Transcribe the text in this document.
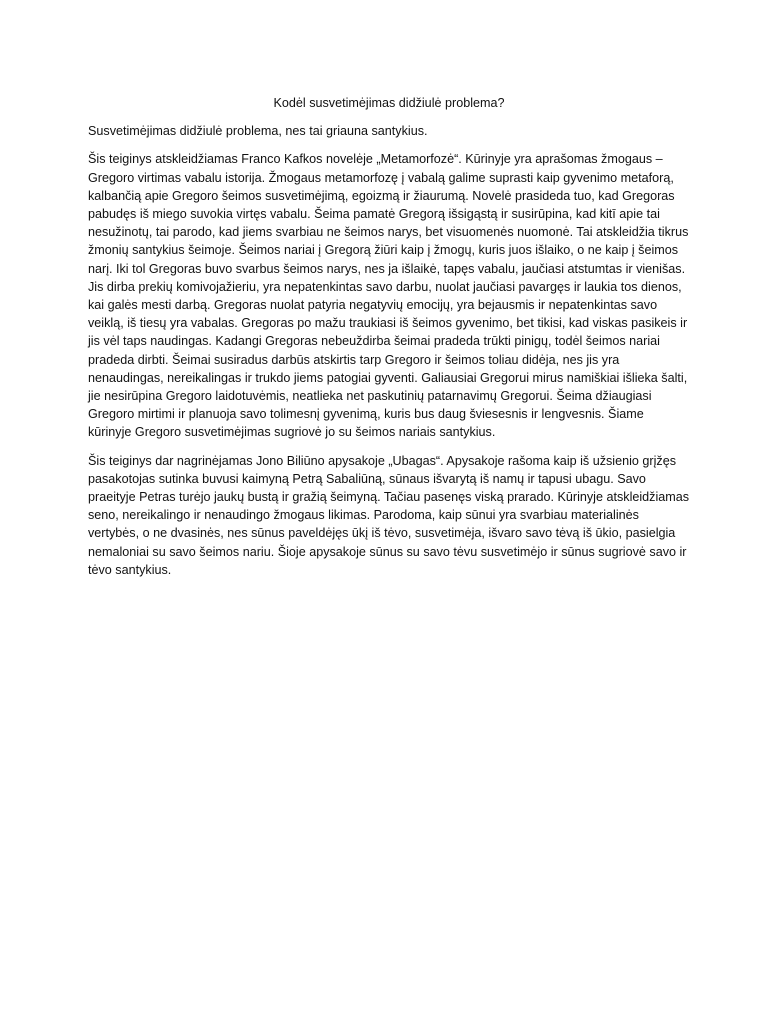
Kodėl susvetimėjimas didžiulė problema?

Susvetimėjimas didžiulė problema, nes tai griauna santykius.

Šis teiginys atskleidžiamas Franco Kafkos novelėje „Metamorfozė“. Kūrinyje yra aprašomas žmogaus – Gregoro virtimas vabalu istorija. Žmogaus metamorfozę į vabalą galime suprasti kaip gyvenimo metaforą, kalbančią apie Gregoro šeimos susvetimėjimą, egoizmą ir žiaurumą. Novelė prasideda tuo, kad Gregoras pabudęs iš miego suvokia virtęs vabalu. Šeima pamatė Gregorą išsigąstą ir susirūpina, kad kitī apie tai nesužinotų, tai parodo, kad jiems svarbiau ne šeimos narys, bet visuomenės nuomonė. Tai atskleidžia tikrus žmonių santykius šeimoje. Šeimos nariai į Gregorą žiūri kaip į žmogų, kuris juos išlaiko, o ne kaip į šeimos narį. Iki tol Gregoras buvo svarbus šeimos narys, nes ja išlaikė, tapęs vabalu, jaučiasi atstumtas ir vienišas. Jis dirba prekių komivojažieriu, yra nepatenkintas savo darbu, nuolat jaučiasi pavargęs ir laukia tos dienos, kai galės mesti darbą. Gregoras nuolat patyria negatyvių emocijų, yra bejausmis ir nepatenkintas savo veiklą, iš tiesų yra vabalas. Gregoras po mažu traukiasi iš šeimos gyvenimo, bet tikisi, kad viskas pasikeis ir jis vėl taps naudingas. Kadangi Gregoras nebeuždirba šeimai pradeda trūkti pinigų, todėl šeimos nariai pradeda dirbti. Šeimai susiradus darbūs atskirtis tarp Gregoro ir šeimos toliau didėja, nes jis yra nenaudingas, nereikalingas ir trukdo jiems patogiai gyventi. Galiausiai Gregorui mirus namiškiai išlieka šalti, jie nesirūpina Gregoro laidotuvėmis, neatlieka net paskutinių patarnavimų Gregorui. Šeima džiaugiasi Gregoro mirtimi ir planuoja savo tolimesnį gyvenimą, kuris bus daug šviesesnis ir lengvesnis. Šiame kūrinyje Gregoro susvetimėjimas sugriovė jo su šeimos nariais santykius.

Šis teiginys dar nagrinėjamas Jono Biliūno apysakoje „Ubagas“. Apysakoje rašoma kaip iš užsienio grįžęs pasakotojas sutinka buvusi kaimyną Petrą Sabaliūną, sūnaus išvarytą iš namų ir tapusi ubagu. Savo praeityje Petras turėjo jaukų bustą ir gražią šeimyną. Tačiau pasenęs viską prarado. Kūrinyje atskleidžiamas seno, nereikalingo ir nenaudingo žmogaus likimas. Parodoma, kaip sūnui yra svarbiau materialinės vertybės, o ne dvasinės, nes sūnus paveldėjęs ūkį iš tėvo, susvetimėja, išvaro savo tėvą iš ūkio, pasielgia nemaloniai su savo šeimos nariu. Šioje apysakoje sūnus su savo tėvu susvetimėjo ir sūnus sugriovė savo ir tėvo santykius.
